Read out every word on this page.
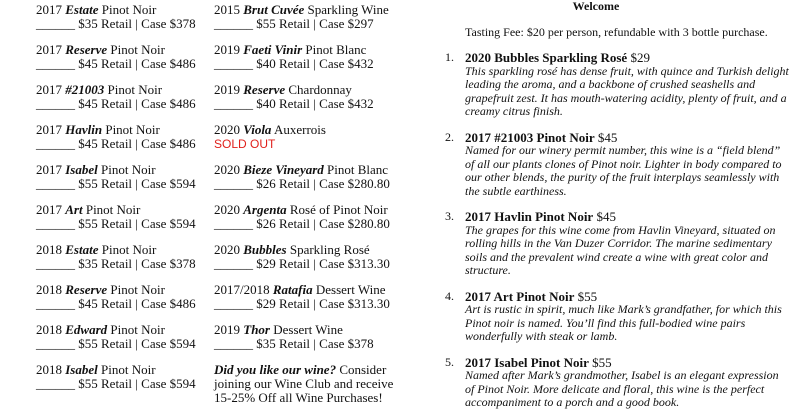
2017 Estate Pinot Noir
______ $35 Retail | Case $378
2017 Reserve Pinot Noir
______ $45 Retail | Case $486
2017 #21003 Pinot Noir
______ $45 Retail | Case $486
2017 Havlin Pinot Noir
______ $45 Retail | Case $486
2017 Isabel Pinot Noir
______ $55 Retail | Case $594
2017 Art Pinot Noir
______ $55 Retail | Case $594
2018 Estate Pinot Noir
______ $35 Retail | Case $378
2018 Reserve Pinot Noir
______ $45 Retail | Case $486
2018 Edward Pinot Noir
______ $55 Retail | Case $594
2018 Isabel Pinot Noir
______ $55 Retail | Case $594
2015 Brut Cuvée Sparkling Wine
______ $55 Retail | Case $297
2019 Faeti Vinir Pinot Blanc
______ $40 Retail | Case $432
2019 Reserve Chardonnay
______ $40 Retail | Case $432
2020 Viola Auxerrois
SOLD OUT
2020 Bieze Vineyard Pinot Blanc
______ $26 Retail | Case $280.80
2020 Argenta Rosé of Pinot Noir
______ $26 Retail | Case $280.80
2020 Bubbles Sparkling Rosé
______ $29 Retail | Case $313.30
2017/2018 Ratafia Dessert Wine
______ $29 Retail | Case $313.30
2019 Thor Dessert Wine
______ $35 Retail | Case $378
Did you like our wine? Consider joining our Wine Club and receive 15-25% Off all Wine Purchases!
Welcome
Tasting Fee: $20 per person, refundable with 3 bottle purchase.
1. 2020 Bubbles Sparkling Rosé $29
This sparkling rosé has dense fruit, with quince and Turkish delight leading the aroma, and a backbone of crushed seashells and grapefruit zest. It has mouth-watering acidity, plenty of fruit, and a creamy citrus finish.
2. 2017 #21003 Pinot Noir $45
Named for our winery permit number, this wine is a “field blend” of all our plants clones of Pinot noir. Lighter in body compared to our other blends, the purity of the fruit interplays seamlessly with the subtle earthiness.
3. 2017 Havlin Pinot Noir $45
The grapes for this wine come from Havlin Vineyard, situated on rolling hills in the Van Duzer Corridor. The marine sedimentary soils and the prevalent wind create a wine with great color and structure.
4. 2017 Art Pinot Noir $55
Art is rustic in spirit, much like Mark’s grandfather, for which this Pinot noir is named. You’ll find this full-bodied wine pairs wonderfully with steak or lamb.
5. 2017 Isabel Pinot Noir $55
Named after Mark’s grandmother, Isabel is an elegant expression of Pinot Noir. More delicate and floral, this wine is the perfect accompaniment to a porch and a good book.
